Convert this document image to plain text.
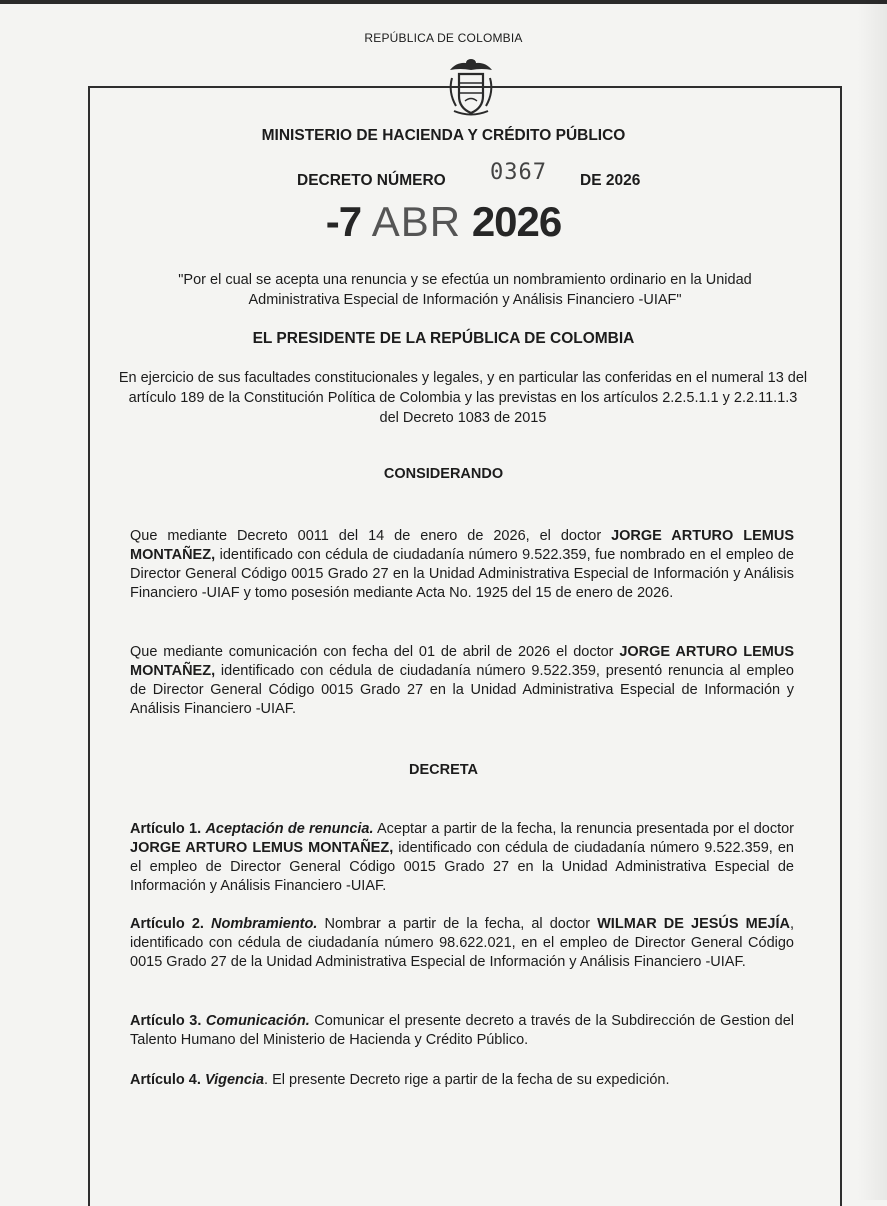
REPÚBLICA DE COLOMBIA
MINISTERIO DE HACIENDA Y CRÉDITO PÚBLICO
DECRETO NÚMERO 0367 DE 2026
-7 ABR 2026
"Por el cual se acepta una renuncia y se efectúa un nombramiento ordinario en la Unidad Administrativa Especial de Información y Análisis Financiero -UIAF"
EL PRESIDENTE DE LA REPÚBLICA DE COLOMBIA
En ejercicio de sus facultades constitucionales y legales, y en particular las conferidas en el numeral 13 del artículo 189 de la Constitución Política de Colombia y las previstas en los artículos 2.2.5.1.1 y 2.2.11.1.3 del Decreto 1083 de 2015
CONSIDERANDO
Que mediante Decreto 0011 del 14 de enero de 2026, el doctor JORGE ARTURO LEMUS MONTAÑEZ, identificado con cédula de ciudadanía número 9.522.359, fue nombrado en el empleo de Director General Código 0015 Grado 27 en la Unidad Administrativa Especial de Información y Análisis Financiero -UIAF y tomo posesión mediante Acta No. 1925 del 15 de enero de 2026.
Que mediante comunicación con fecha del 01 de abril de 2026 el doctor JORGE ARTURO LEMUS MONTAÑEZ, identificado con cédula de ciudadanía número 9.522.359, presentó renuncia al empleo de Director General Código 0015 Grado 27 en la Unidad Administrativa Especial de Información y Análisis Financiero -UIAF.
DECRETA
Artículo 1. Aceptación de renuncia. Aceptar a partir de la fecha, la renuncia presentada por el doctor JORGE ARTURO LEMUS MONTAÑEZ, identificado con cédula de ciudadanía número 9.522.359, en el empleo de Director General Código 0015 Grado 27 en la Unidad Administrativa Especial de Información y Análisis Financiero -UIAF.
Artículo 2. Nombramiento. Nombrar a partir de la fecha, al doctor WILMAR DE JESÚS MEJÍA, identificado con cédula de ciudadanía número 98.622.021, en el empleo de Director General Código 0015 Grado 27 de la Unidad Administrativa Especial de Información y Análisis Financiero -UIAF.
Artículo 3. Comunicación. Comunicar el presente decreto a través de la Subdirección de Gestion del Talento Humano del Ministerio de Hacienda y Crédito Público.
Artículo 4. Vigencia. El presente Decreto rige a partir de la fecha de su expedición.
